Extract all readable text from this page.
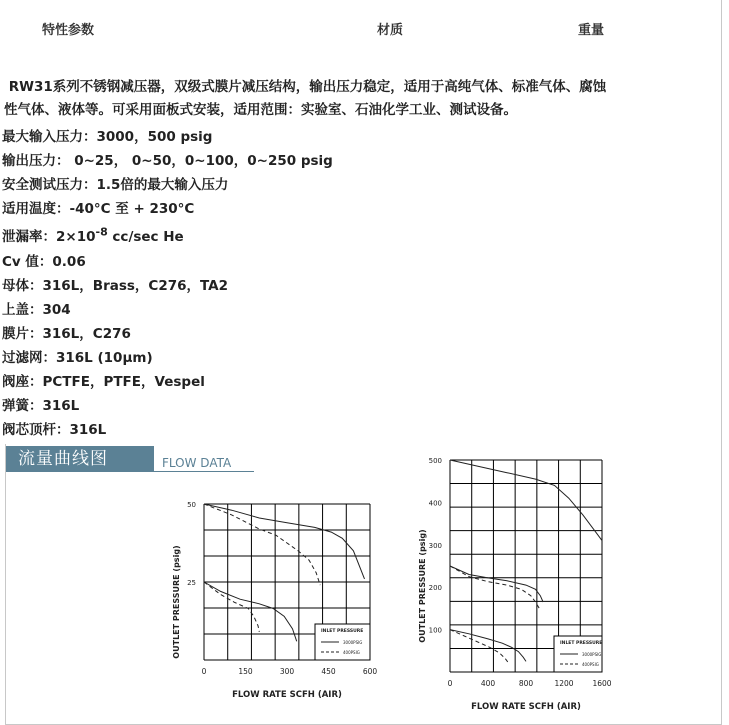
特性参数	材质	重量
RW31系列不锈钢减压器，双级式膜片减压结构，输出压力稳定，适用于高纯气体、标准气体、腐蚀
性气体、液体等。可采用面板式安装，适用范围：实验室、石油化学工业、测试设备。
最大输入压力：3000，500 psig
输出压力： 0~25， 0~50，0~100，0~250 psig
安全测试压力：1.5倍的最大输入压力
适用温度：-40°C 至 + 230°C
泄漏率：$2\times 10^{-8}$ cc/sec He
Cv 值：0.06
母体：316L，Brass，C276，TA2
上盖：304
膜片：316L，C276
过滤网：316L (10μm)
阀座：PCTFE，PTFE，Vespel
弹簧：316L
阀芯顶杆：316L
流量曲线图	FLOW DATA
0	150	300	450	600
25
50
FLOW RATE SCFH (AIR)
OUTLET PRESSURE (psig)	INLET PRESSURE
3000PSIG
400PSIG
0	400	800	1200	1600
100
200
300
400
500
FLOW RATE SCFH (AIR)
OUTLET PRESSURE (psig)
INLET PRESSURE
3000PSIG
400PSIG
